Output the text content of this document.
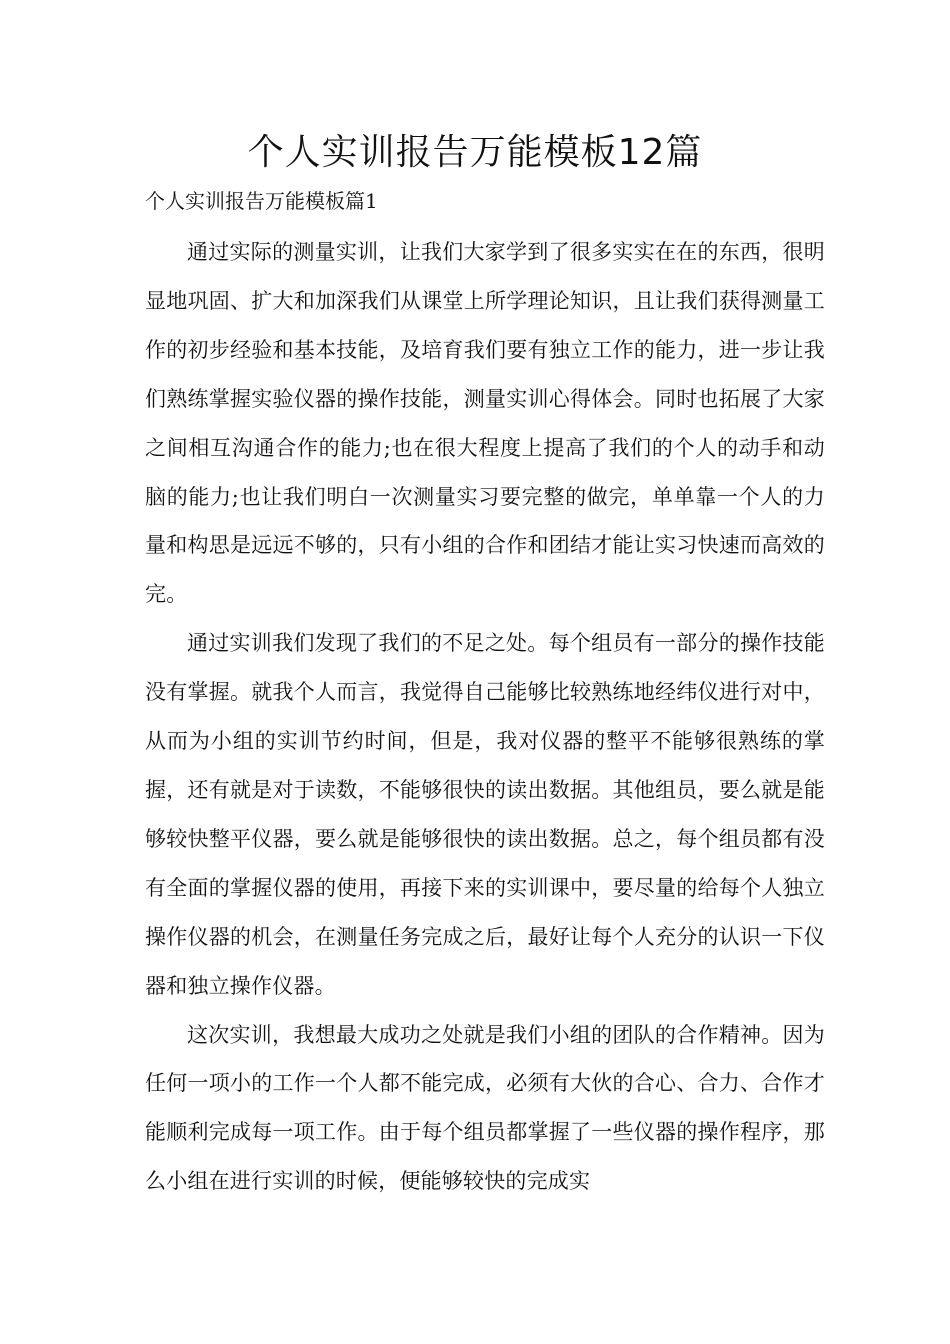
个人实训报告万能模板12篇
个人实训报告万能模板篇1

通过实际的测量实训，让我们大家学到了很多实实在在的东西，很明显地巩固、扩大和加深我们从课堂上所学理论知识，且让我们获得测量工作的初步经验和基本技能，及培育我们要有独立工作的能力，进一步让我们熟练掌握实验仪器的操作技能，测量实训心得体会。同时也拓展了大家之间相互沟通合作的能力;也在很大程度上提高了我们的个人的动手和动脑的能力;也让我们明白一次测量实习要完整的做完，单单靠一个人的力量和构思是远远不够的，只有小组的合作和团结才能让实习快速而高效的完。

通过实训我们发现了我们的不足之处。每个组员有一部分的操作技能没有掌握。就我个人而言，我觉得自己能够比较熟练地经纬仪进行对中，从而为小组的实训节约时间，但是，我对仪器的整平不能够很熟练的掌握，还有就是对于读数，不能够很快的读出数据。其他组员，要么就是能够较快整平仪器，要么就是能够很快的读出数据。总之，每个组员都有没有全面的掌握仪器的使用，再接下来的实训课中，要尽量的给每个人独立操作仪器的机会，在测量任务完成之后，最好让每个人充分的认识一下仪器和独立操作仪器。

这次实训，我想最大成功之处就是我们小组的团队的合作精神。因为任何一项小的工作一个人都不能完成，必须有大伙的合心、合力、合作才能顺利完成每一项工作。由于每个组员都掌握了一些仪器的操作程序，那么小组在进行实训的时候，便能够较快的完成实
